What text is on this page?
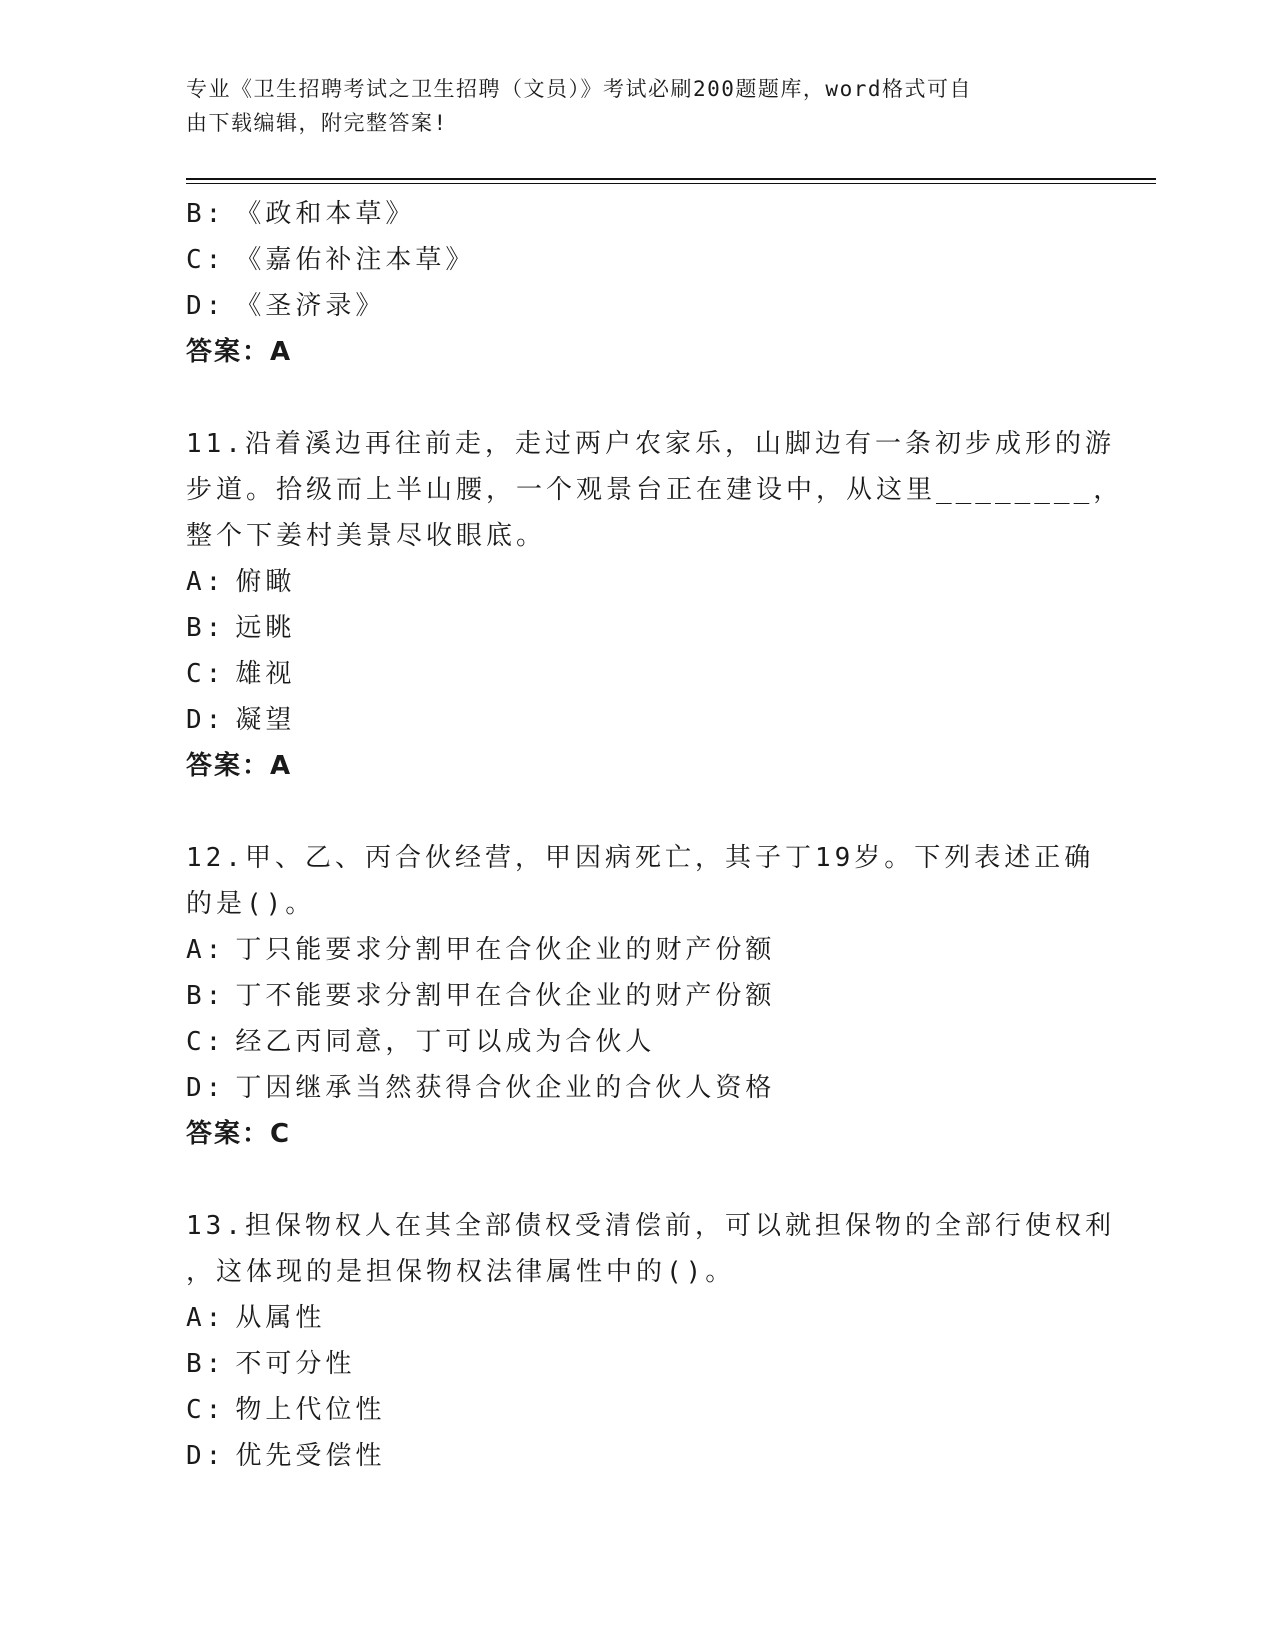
专业《卫生招聘考试之卫生招聘（文员）》考试必刷200题题库，word格式可自
由下载编辑，附完整答案!
B: 《政和本草》
C: 《嘉佑补注本草》
D: 《圣济录》
答案：A
11.沿着溪边再往前走，走过两户农家乐，山脚边有一条初步成形的游
步道。拾级而上半山腰，一个观景台正在建设中，从这里________，
整个下姜村美景尽收眼底。
A: 俯瞰
B: 远眺
C: 雄视
D: 凝望
答案：A
12.甲、乙、丙合伙经营，甲因病死亡，其子丁19岁。下列表述正确
的是()。
A: 丁只能要求分割甲在合伙企业的财产份额
B: 丁不能要求分割甲在合伙企业的财产份额
C: 经乙丙同意，丁可以成为合伙人
D: 丁因继承当然获得合伙企业的合伙人资格
答案：C
13.担保物权人在其全部债权受清偿前，可以就担保物的全部行使权利
，这体现的是担保物权法律属性中的()。
A: 从属性
B: 不可分性
C: 物上代位性
D: 优先受偿性
